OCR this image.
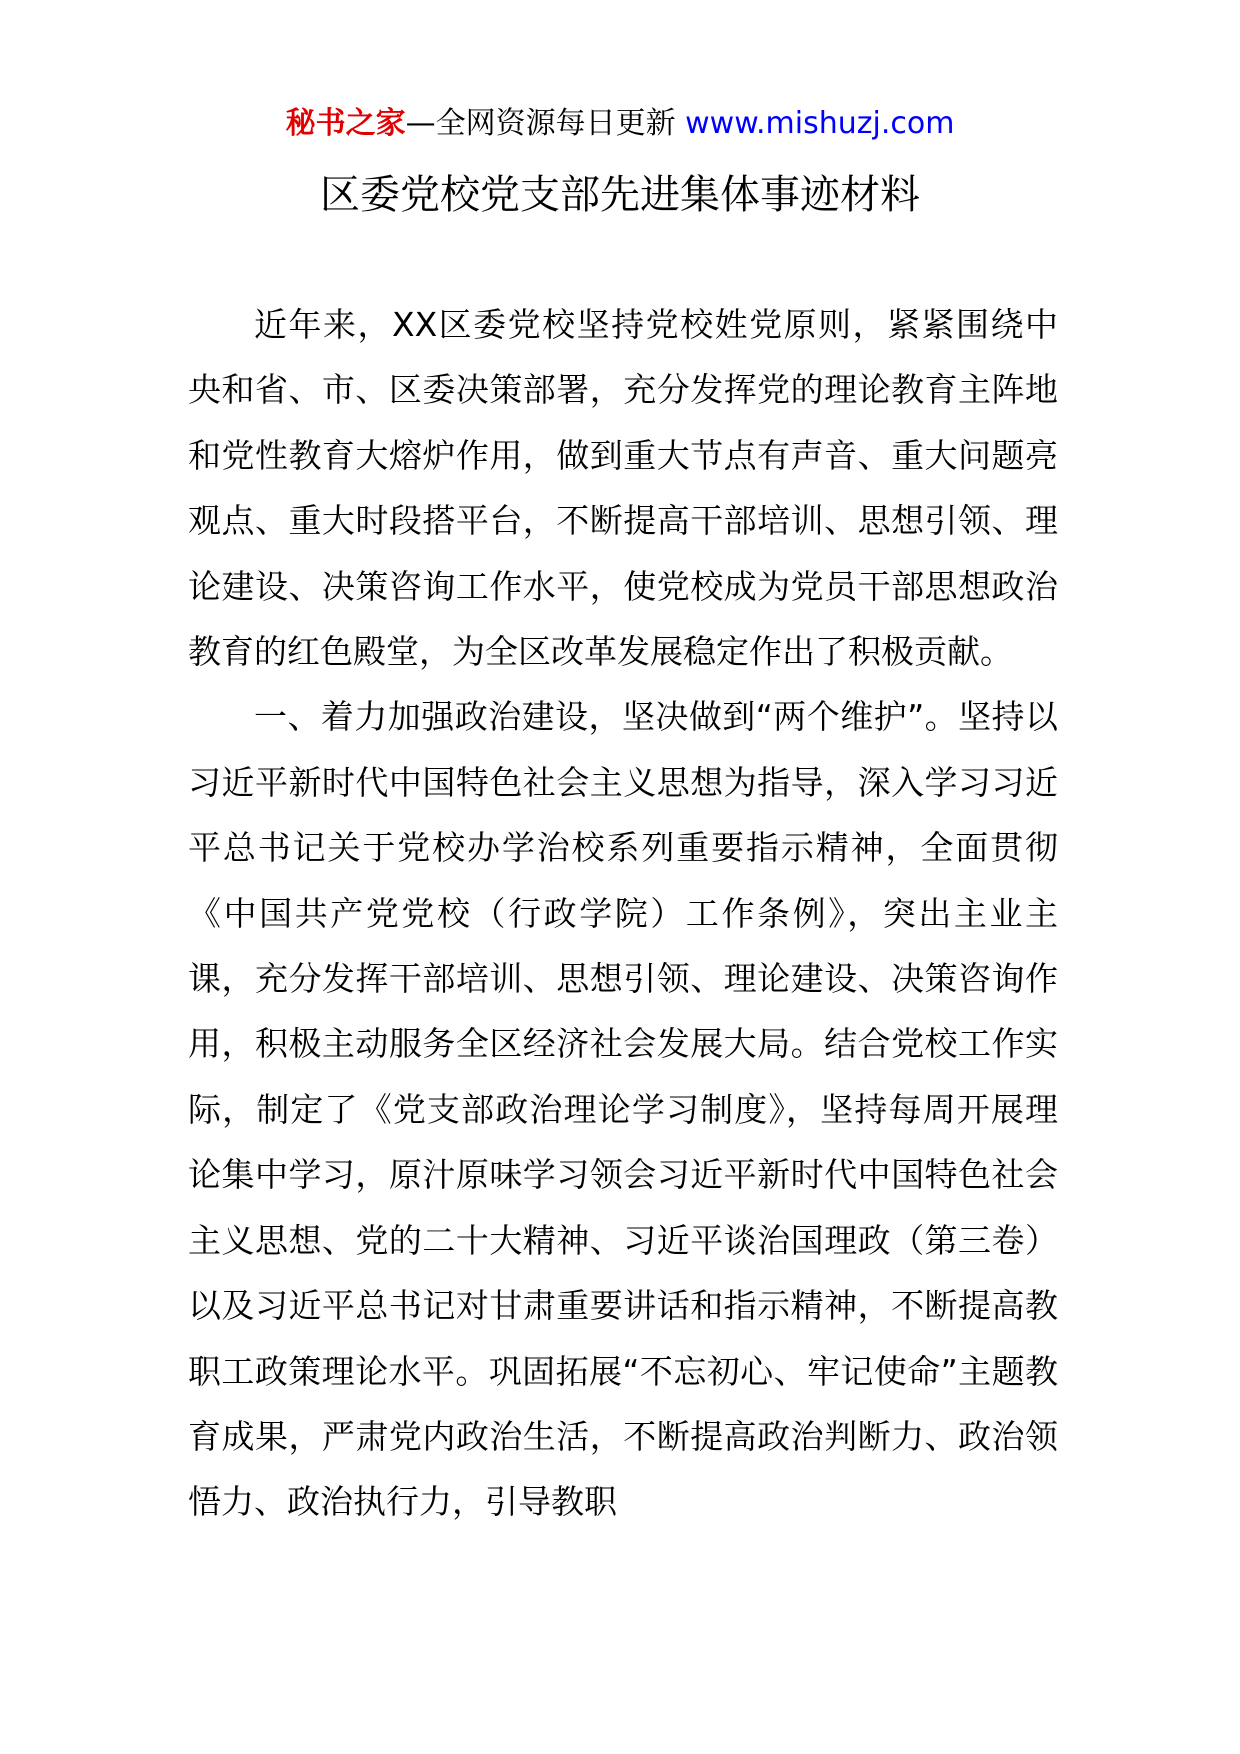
秘书之家—全网资源每日更新 www.mishuzj.com
区委党校党支部先进集体事迹材料

近年来，XX区委党校坚持党校姓党原则，紧紧围绕中央和省、市、区委决策部署，充分发挥党的理论教育主阵地和党性教育大熔炉作用，做到重大节点有声音、重大问题亮观点、重大时段搭平台，不断提高干部培训、思想引领、理论建设、决策咨询工作水平，使党校成为党员干部思想政治教育的红色殿堂，为全区改革发展稳定作出了积极贡献。

一、着力加强政治建设，坚决做到“两个维护”。坚持以习近平新时代中国特色社会主义思想为指导，深入学习习近平总书记关于党校办学治校系列重要指示精神，全面贯彻《中国共产党党校（行政学院）工作条例》，突出主业主课，充分发挥干部培训、思想引领、理论建设、决策咨询作用，积极主动服务全区经济社会发展大局。结合党校工作实际，制定了《党支部政治理论学习制度》，坚持每周开展理论集中学习，原汁原味学习领会习近平新时代中国特色社会主义思想、党的二十大精神、习近平谈治国理政（第三卷）以及习近平总书记对甘肃重要讲话和指示精神，不断提高教职工政策理论水平。巩固拓展“不忘初心、牢记使命”主题教育成果，严肃党内政治生活，不断提高政治判断力、政治领悟力、政治执行力，引导教职
